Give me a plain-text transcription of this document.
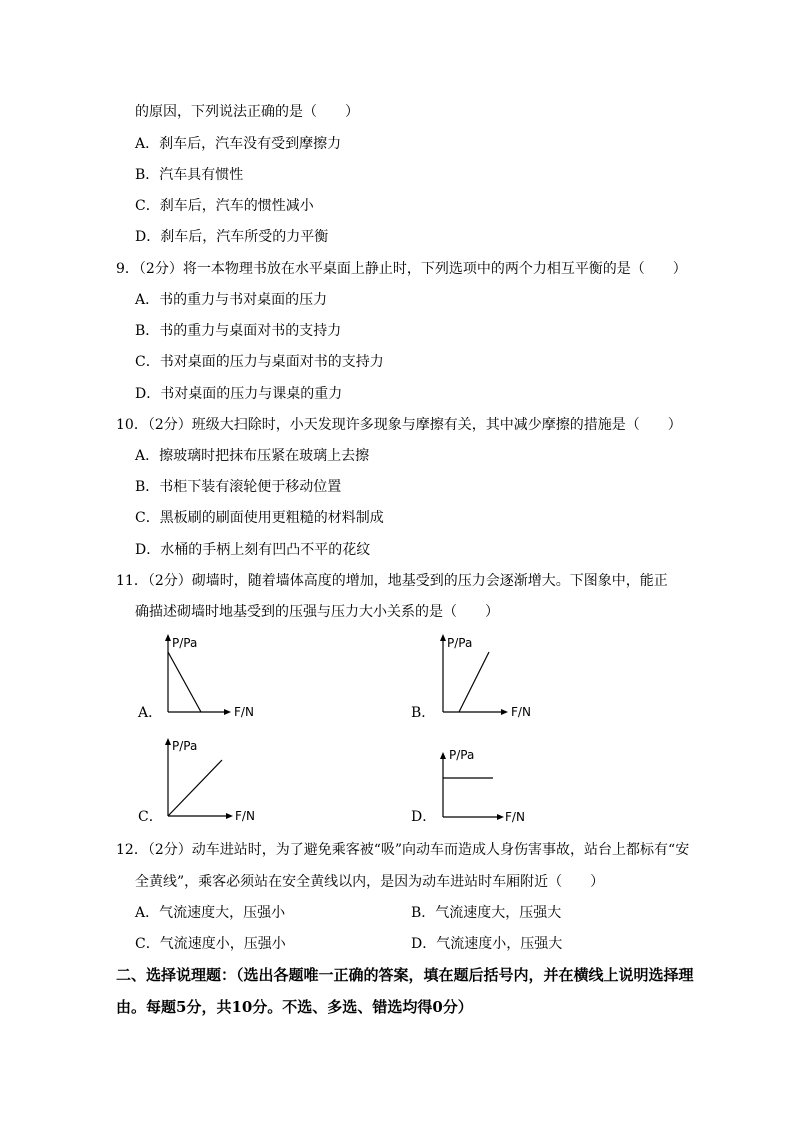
的原因，下列说法正确的是（　　）
A．刹车后，汽车没有受到摩擦力
B．汽车具有惯性
C．刹车后，汽车的惯性减小
D．刹车后，汽车所受的力平衡
9．（2分）将一本物理书放在水平桌面上静止时，下列选项中的两个力相互平衡的是（　　）
A．书的重力与书对桌面的压力
B．书的重力与桌面对书的支持力
C．书对桌面的压力与桌面对书的支持力
D．书对桌面的压力与课桌的重力
10．（2分）班级大扫除时，小天发现许多现象与摩擦有关，其中减少摩擦的措施是（　　）
A．擦玻璃时把抹布压紧在玻璃上去擦
B．书柜下装有滚轮便于移动位置
C．黑板刷的刷面使用更粗糙的材料制成
D．水桶的手柄上刻有凹凸不平的花纹
11．（2分）砌墙时，随着墙体高度的增加，地基受到的压力会逐渐增大。下图象中，能正
确描述砌墙时地基受到的压强与压力大小关系的是（　　）
A．
P/Pa
F/N	B．
P/Pa
F/N
C．
P/Pa
F/N	D．
P/Pa
F/N
12．（2分）动车进站时，为了避免乘客被“吸”向动车而造成人身伤害事故，站台上都标有“安
全黄线”，乘客必须站在安全黄线以内，是因为动车进站时车厢附近（　　）
A．气流速度大，压强小	B．气流速度大，压强大
C．气流速度小，压强小	D．气流速度小，压强大
二、选择说理题：（选出各题唯一正确的答案，填在题后括号内，并在横线上说明选择理
由。每题5分，共10分。不选、多选、错选均得0分）
